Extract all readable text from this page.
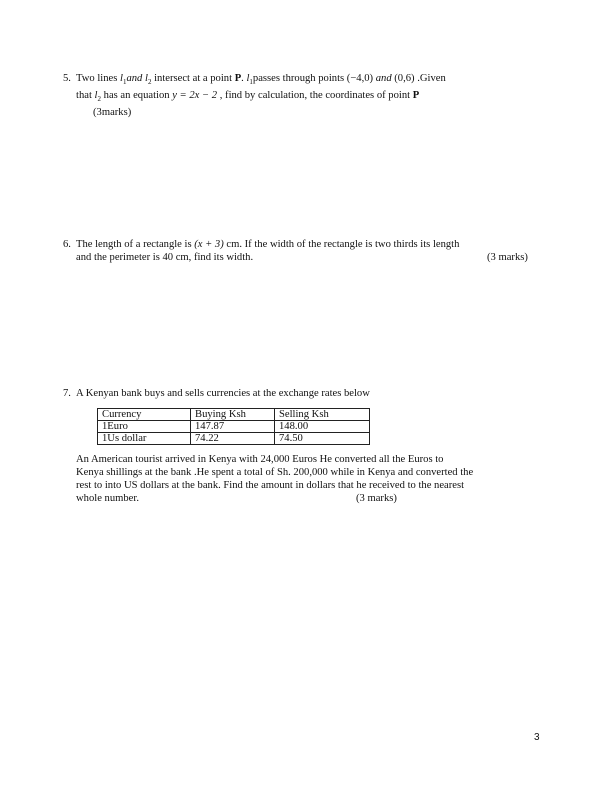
5. Two lines $l_1and$ $l_2$ intersect at a point P. $l_1passes$ through points (−4,0) and (0,6) .Given
that $l_2$ has an equation y = 2x − 2 , find by calculation, the coordinates of point P
(3marks)
6. The length of a rectangle is (x + 3) cm. If the width of the rectangle is two thirds its length
and the perimeter is 40 cm, find its width.	(3 marks)
7. A Kenyan bank buys and sells currencies at the exchange rates below
Currency	Buying Ksh	Selling Ksh
1Euro	147.87	148.00
1Us dollar	74.22	74.50
An American tourist arrived in Kenya with 24,000 Euros He converted all the Euros to
Kenya shillings at the bank .He spent a total of Sh. 200,000 while in Kenya and converted the
rest to into US dollars at the bank. Find the amount in dollars that he received to the nearest
whole number.	(3 marks)
3
